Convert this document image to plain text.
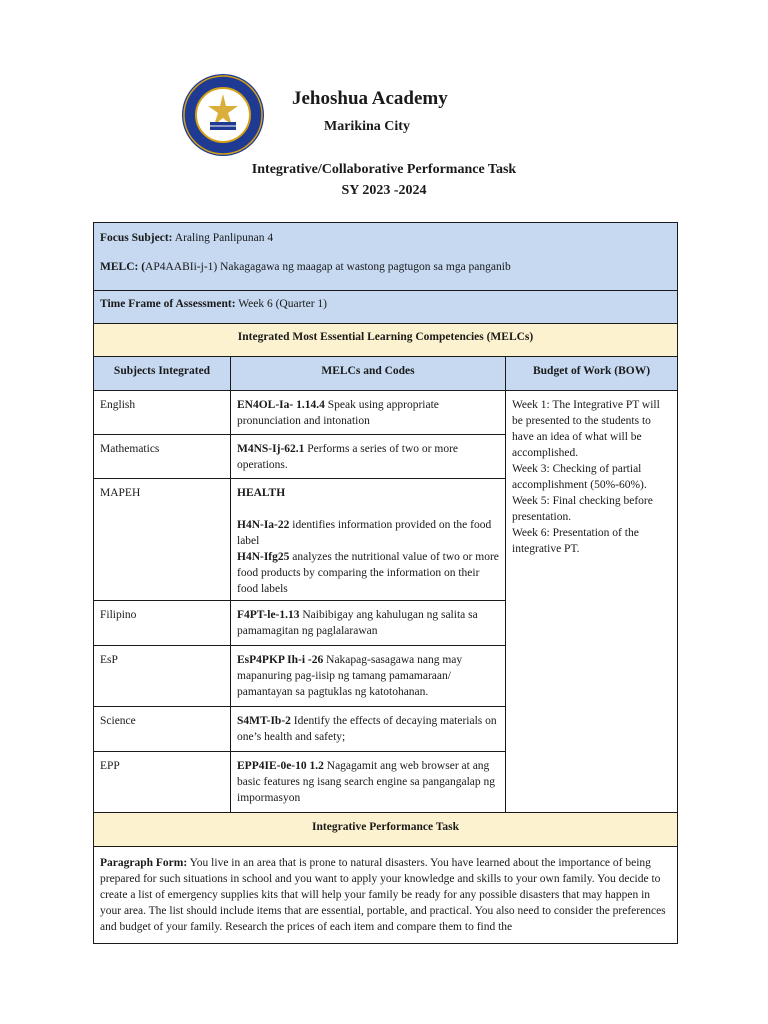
Jehoshua Academy
Marikina City
Integrative/Collaborative Performance Task
SY 2023 -2024
Focus Subject: Araling Panlipunan 4
MELC: (AP4AABIi-j-1) Nakagagawa ng maagap at wastong pagtugon sa mga panganib		

Time Frame of Assessment: Week 6 (Quarter 1)		
Integrated Most Essential Learning Competencies (MELCs)		
Subjects Integrated	MELCs and Codes	Budget of Work (BOW)
English	EN4OL-Ia- 1.14.4 Speak using appropriate pronunciation and intonation	Week 1: The Integrative PT will be presented to the students to have an idea of what will be accomplished.
Week 3: Checking of partial accomplishment (50%-60%).
Week 5: Final checking before presentation.
Week 6: Presentation of the integrative PT.

Mathematics	M4NS-Ij-62.1 Performs a series of two or more operations.	
MAPEH	HEALTH
H4N-Ia-22 identifies information provided on the food label
H4N-Ifg25 analyzes the nutritional value of two or more food products by comparing the information on their food labels	

Filipino	F4PT-le-1.13 Naibibigay ang kahulugan ng salita sa pamamagitan ng paglalarawan	
EsP	EsP4PKP Ih-i -26 Nakapag-sasagawa nang may mapanuring pag-iisip ng tamang pamamaraan/ pamantayan sa pagtuklas ng katotohanan.	
Science	S4MT-Ib-2 Identify the effects of decaying materials on one’s health and safety;	
EPP	EPP4IE-0e-10 1.2 Nagagamit ang web browser at ang basic features ng isang search engine sa pangangalap ng impormasyon	
Integrative Performance Task		
Paragraph Form: You live in an area that is prone to natural disasters. You have learned about the importance of being prepared for such situations in school and you want to apply your knowledge and skills to your own family. You decide to create a list of emergency supplies kits that will help your family be ready for any possible disasters that may happen in your area. The list should include items that are essential, portable, and practical. You also need to consider the preferences and budget of your family. Research the prices of each item and compare them to find the		
